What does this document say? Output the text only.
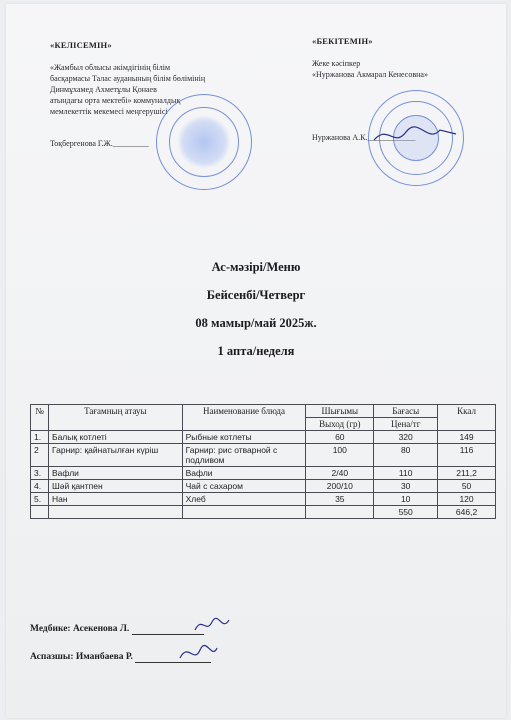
«КЕЛІСЕМІН»
«Жамбыл облысы әкімдігінің білім
басқармасы Талас ауданының білім бөлімінің
Динмұхамед Ахметұлы Қонаев
атындағы орта мектебі» коммуналдық
мемлекеттік мекемесі меңгерушісі
Тоқбергенова Г.Ж._________
«БЕКІТЕМІН»
Жеке кәсіпкер
«Нуржанова Акмарал Кенесовна»
Нуржанова А.К.____________
Ас-мәзірі/Меню
Бейсенбі/Четверг
08 мамыр/май 2025ж.
1 апта/неделя
№	Тағамның атауы	Наименование блюда	Шығымы	Бағасы	Ккал
			Выход (гр)	Цена/тг	
1.	Балық котлеті	Рыбные котлеты	60	320	149
2	Гарнир: қайнатылған күріш	Гарнир: рис отварной с подливом	100	80	116
3.	Вафли	Вафли	2/40	110	211,2
4.	Шәй қантпен	Чай с сахаром	200/10	30	50
5.	Нан	Хлеб	35	10	120
				550	646,2
Медбике: Асекенова Л.
Аспазшы: Иманбаева Р.
